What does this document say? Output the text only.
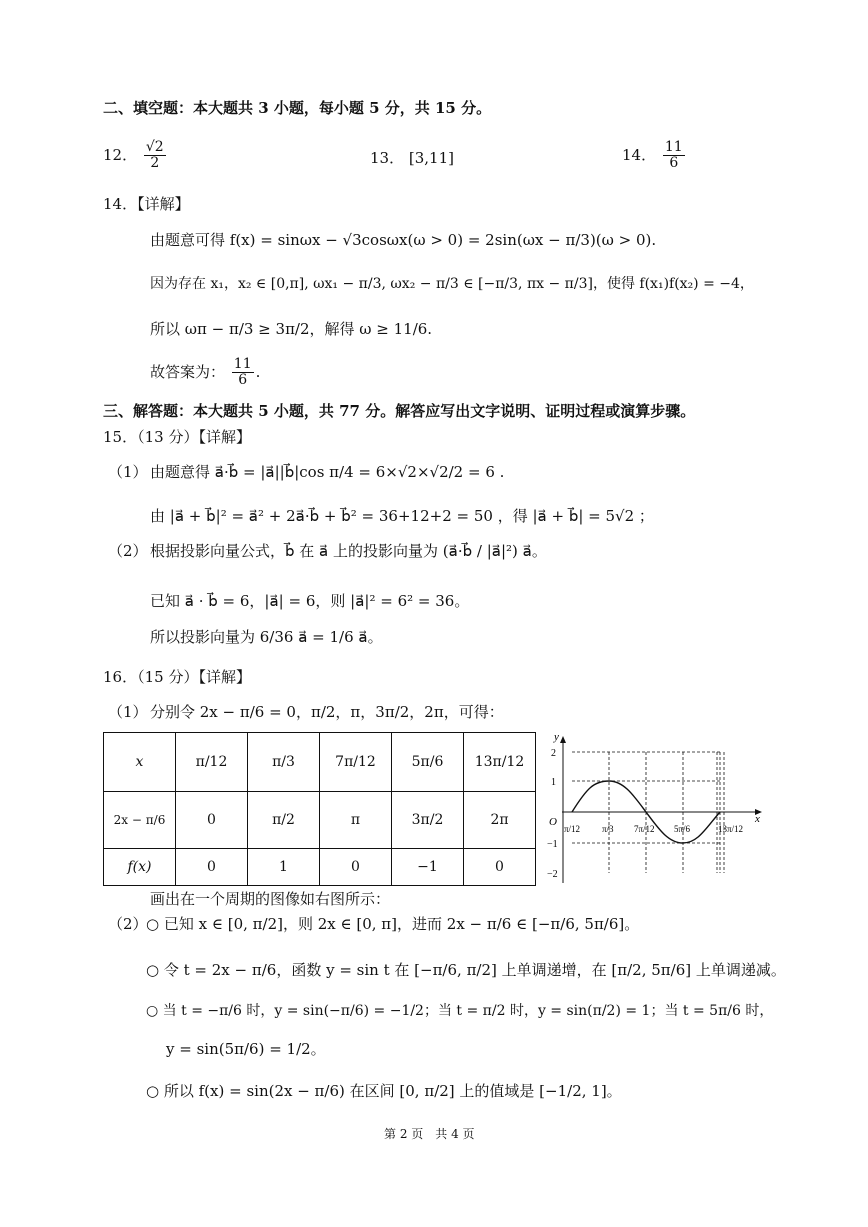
二、填空题：本大题共 3 小题，每小题 5 分，共 15 分。
12． $\frac{√2}{2}$	13． [3,11]	14． $\frac{11}{6}$
14．【详解】
由题意可得 f(x) = sinωx − √3cosωx(ω > 0) = 2sin(ωx − π/3)(ω > 0).
因为存在 x₁，x₂ ∈ [0,π], ωx₁ − π/3, ωx₂ − π/3 ∈ [−π/3, πx − π/3]，使得 f(x₁)f(x₂) = −4，
所以 ωπ − π/3 ≥ 3π/2，解得 ω ≥ 11/6.
故答案为： $\frac{11}{6}$ .
三、解答题：本大题共 5 小题，共 77 分。解答应写出文字说明、证明过程或演算步骤。
15．（13 分）【详解】
（1） 由题意得 a⃗·b⃗ = |a⃗||b⃗|cos π/4 = 6×√2×√2/2 = 6 .
由 |a⃗ + b⃗|² = a⃗² + 2a⃗·b⃗ + b⃗² = 36+12+2 = 50 ，得 |a⃗ + b⃗| = 5√2 ；
（2） 根据投影向量公式，b⃗ 在 a⃗ 上的投影向量为 (a⃗·b⃗ / |a⃗|²) a⃗。
已知 a⃗ · b⃗ = 6，|a⃗| = 6，则 |a⃗|² = 6² = 36。
所以投影向量为 6/36 a⃗ = 1/6 a⃗。
16．（15 分）【详解】
（1） 分别令 2x − π/6 = 0，π/2，π，3π/2，2π，可得：
x	π/12	π/3	7π/12	5π/6	13π/12
2x − π/6	0	π/2	π	3π/2	2π
f(x)	0	1	0	−1	0
y
x
O
2
1
−1
−2
π/12 π/3 7π/12 5π/6	13π/12
画出在一个周期的图像如右图所示：
（2）
○ 已知 x ∈ [0, π/2]，则 2x ∈ [0, π]，进而 2x − π/6 ∈ [−π/6, 5π/6]。
○ 令 t = 2x − π/6，函数 y = sin t 在 [−π/6, π/2] 上单调递增，在 [π/2, 5π/6] 上单调递减。
○ 当 t = −π/6 时，y = sin(−π/6) = −1/2；当 t = π/2 时，y = sin(π/2) = 1；当 t = 5π/6 时，
y = sin(5π/6) = 1/2。
○ 所以 f(x) = sin(2x − π/6) 在区间 [0, π/2] 上的值域是 [−1/2, 1]。
第 2 页　共 4 页
